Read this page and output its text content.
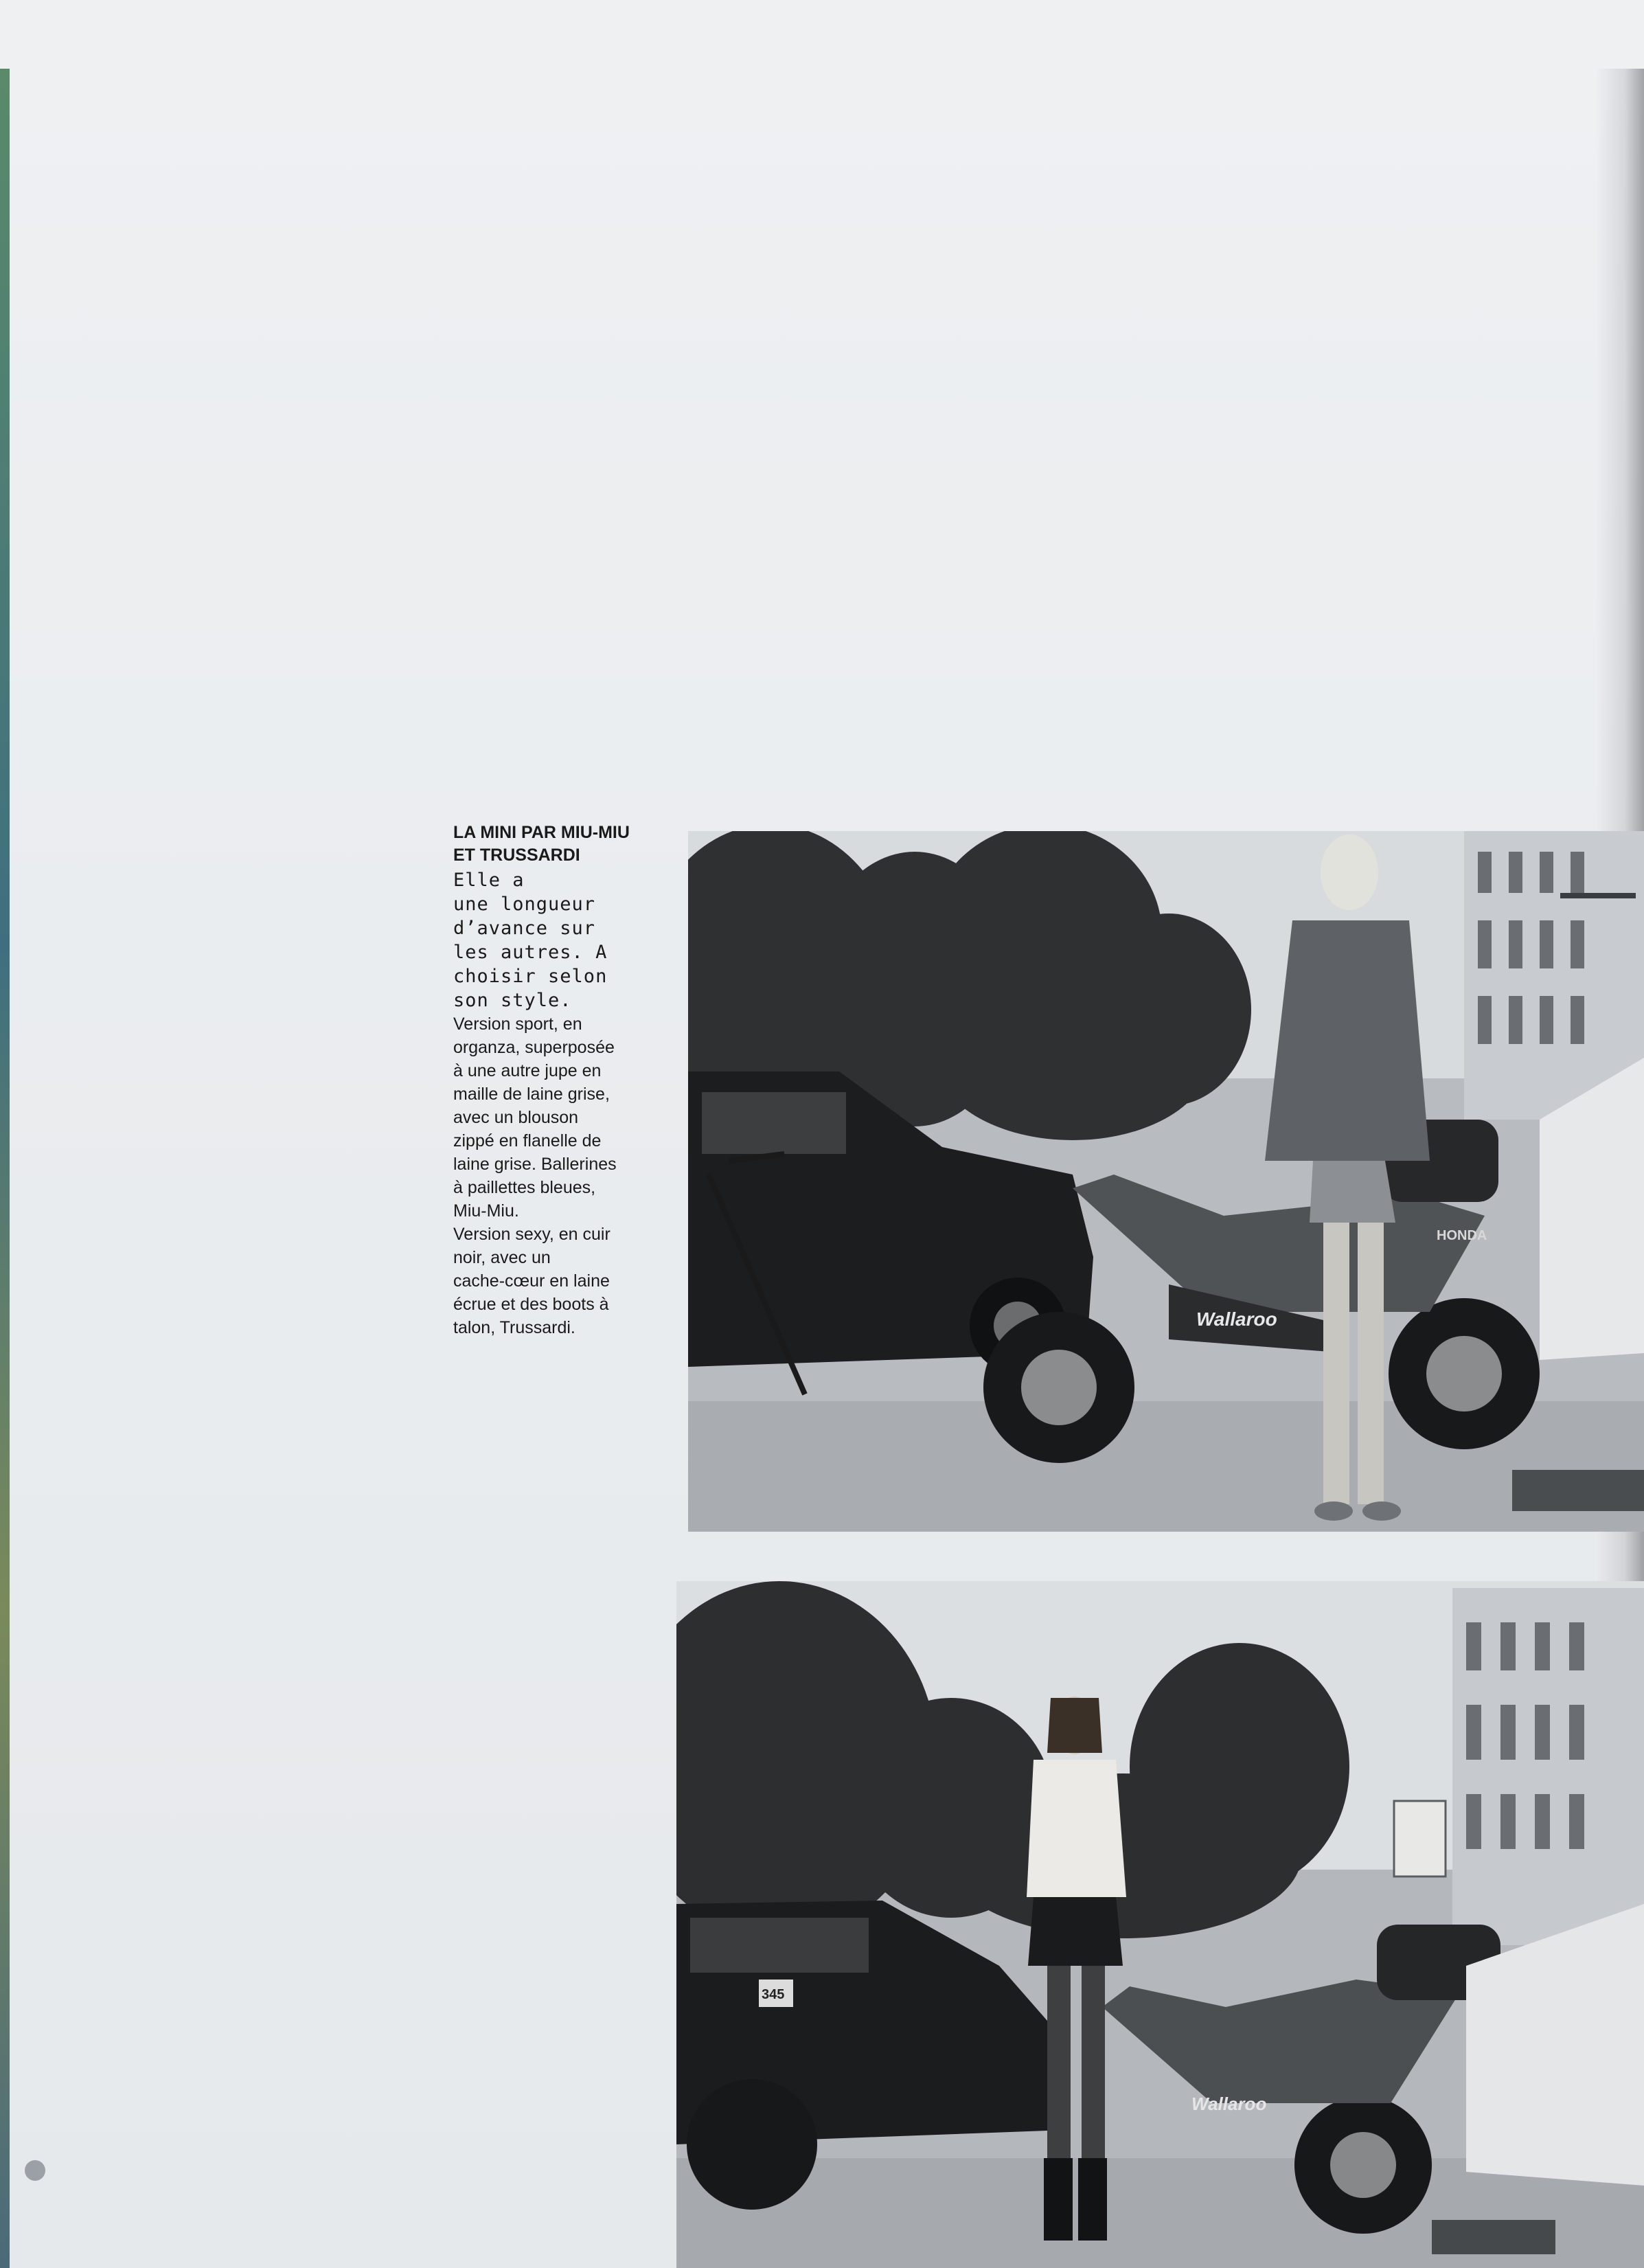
LA MINI PAR MIU-MIU
ET TRUSSARDI

Elle a
une longueur
d’avance sur
les autres. A
choisir selon
son style.

Version sport, en
organza, superposée
à une autre jupe en
maille de laine grise,
avec un blouson
zippé en flanelle de
laine grise. Ballerines
à paillettes bleues,
Miu-Miu.
Version sexy, en cuir
noir, avec un
cache-cœur en laine
écrue et des boots à
talon, Trussardi.	Wallaroo
HONDA
Wallaroo
345
